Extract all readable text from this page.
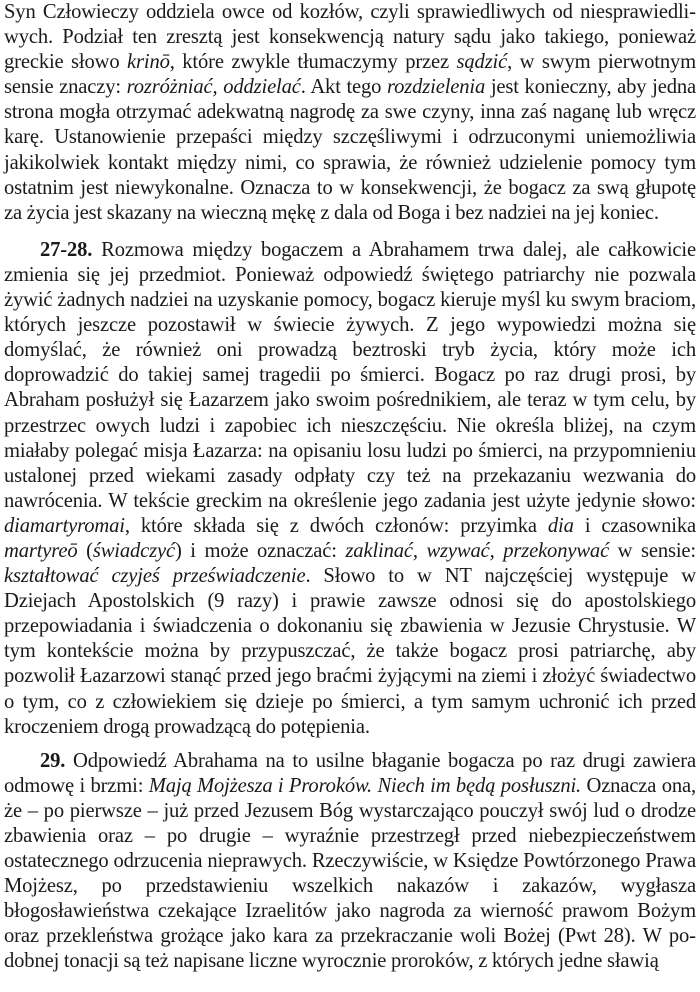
Syn Człowieczy oddziela owce od kozłów, czyli sprawiedliwych od niesprawiedliwych. Podział ten zresztą jest konsekwencją natury sądu jako takiego, ponieważ greckie słowo krinō, które zwykle tłumaczymy przez sądzić, w swym pierwotnym sensie znaczy: rozróżniać, oddzielać. Akt tego rozdzielenia jest konieczny, aby jedna strona mogła otrzymać adekwatną nagrodę za swe czyny, inna zaś naganę lub wręcz karę. Ustanowienie przepaści między szczęśliwymi i odrzuconymi uniemożliwia jakikolwiek kontakt między nimi, co sprawia, że również udzielenie pomocy tym ostatnim jest niewykonalne. Oznacza to w konsekwencji, że bogacz za swą głupotę za życia jest skazany na wieczną mękę z dala od Boga i bez nadziei na jej koniec.

27-28. Rozmowa między bogaczem a Abrahamem trwa dalej, ale całkowicie zmienia się jej przedmiot. Ponieważ odpowiedź świętego patriarchy nie pozwala żywić żadnych nadziei na uzyskanie pomocy, bogacz kieruje myśl ku swym braciom, których jeszcze pozostawił w świecie żywych. Z jego wypowiedzi można się domyślać, że również oni prowadzą beztroski tryb życia, który może ich doprowadzić do takiej samej tragedii po śmierci. Bogacz po raz drugi prosi, by Abraham posłużył się Łazarzem jako swoim pośrednikiem, ale teraz w tym celu, by przestrzec owych ludzi i zapobiec ich nieszczęściu. Nie określa bliżej, na czym miałaby polegać misja Łazarza: na opisaniu losu ludzi po śmierci, na przypomnieniu ustalonej przed wiekami zasady odpłaty czy też na przekazaniu wezwania do nawrócenia. W tekście greckim na określenie jego zadania jest użyte jedynie słowo: diamartyromai, które składa się z dwóch członów: przyimka dia i czasownika martyreō (świadczyć) i może oznaczać: zaklinać, wzywać, przekonywać w sensie: kształtować czyjeś przeświadczenie. Słowo to w NT najczęściej występuje w Dziejach Apostolskich (9 razy) i prawie zawsze odnosi się do apostolskiego przepowiadania i świadczenia o dokonaniu się zbawienia w Jezusie Chrystusie. W tym kontekście można by przypuszczać, że także bogacz prosi patriarchę, aby pozwolił Łazarzowi stanąć przed jego braćmi żyjącymi na ziemi i złożyć świadectwo o tym, co z człowiekiem się dzieje po śmierci, a tym samym uchronić ich przed kroczeniem drogą prowadzącą do potępienia.

29. Odpowiedź Abrahama na to usilne błaganie bogacza po raz drugi zawiera odmowę i brzmi: Mają Mojżesza i Proroków. Niech im będą posłuszni. Oznacza ona, że – po pierwsze – już przed Jezusem Bóg wystarczająco pouczył swój lud o drodze zbawienia oraz – po drugie – wyraźnie przestrzegł przed niebezpieczeństwem ostatecznego odrzucenia nieprawych. Rzeczywiście, w Księdze Powtórzonego Prawa Mojżesz, po przedstawieniu wszelkich nakazów i zakazów, wygłasza błogosławieństwa czekające Izraelitów jako nagroda za wierność prawom Bożym oraz przekleństwa grożące jako kara za przekraczanie woli Bożej (Pwt 28). W podobnej tonacji są też napisane liczne wyrocznie proroków, z których jedne sławią
